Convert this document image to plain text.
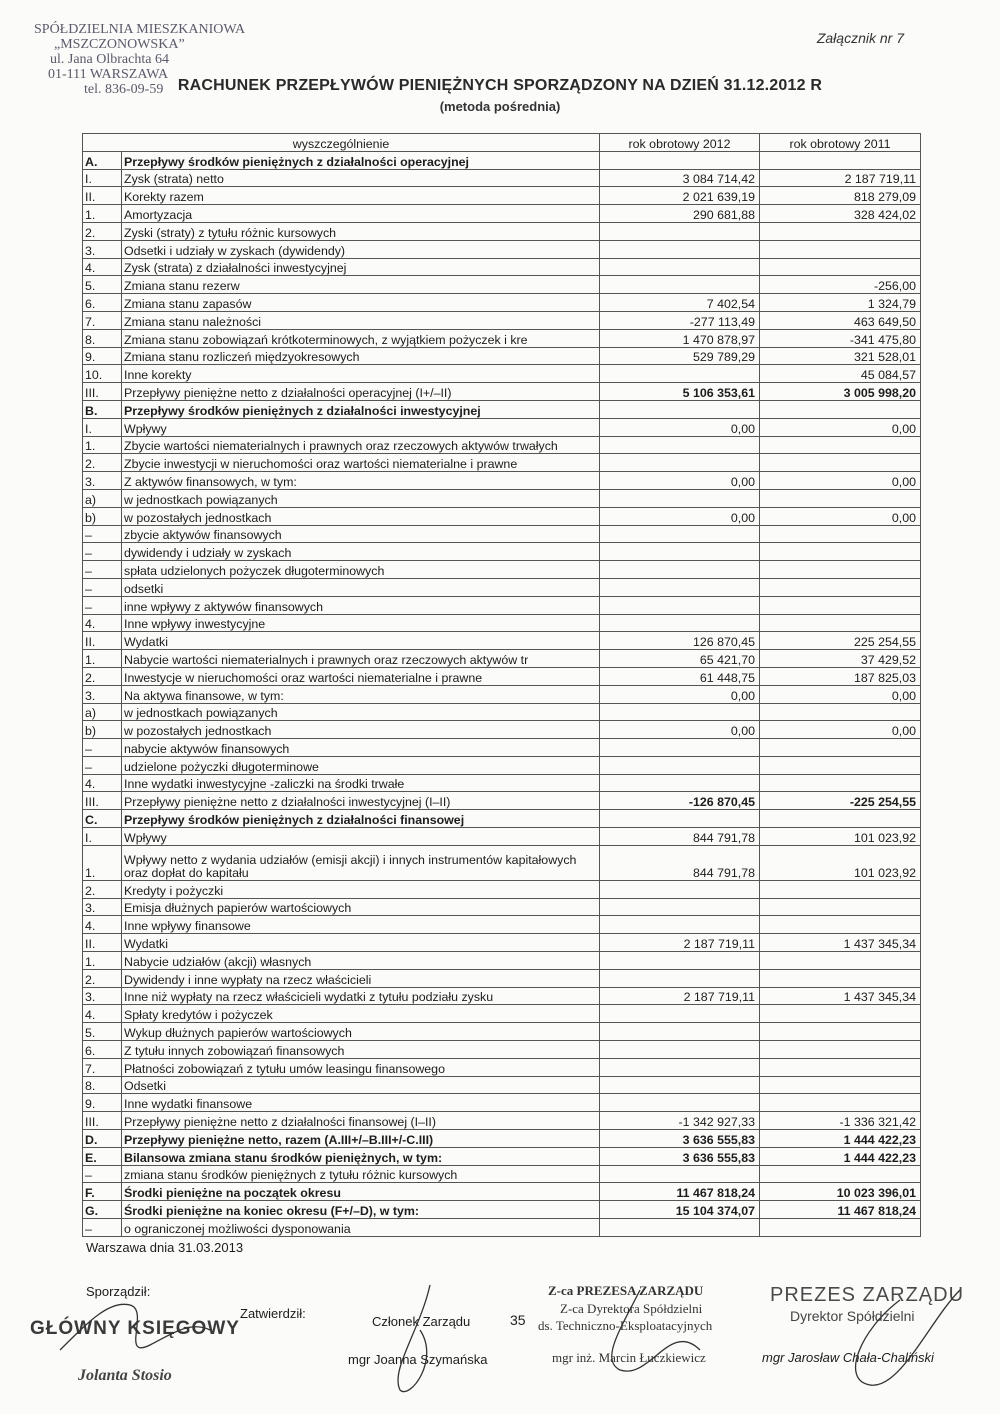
SPÓŁDZIELNIA MIESZKANIOWA
„MSZCZONOWSKA”
ul. Jana Olbrachta 64
01-111 WARSZAWA
tel. 836-09-59
Załącznik nr 7
RACHUNEK PRZEPŁYWÓW PIENIĘŻNYCH SPORZĄDZONY NA DZIEŃ 31.12.2012 R
(metoda pośrednia)
wyszczególnienie		rok obrotowy 2012	rok obrotowy 2011
A.	Przepływy środków pieniężnych z działalności operacyjnej		
I.	Zysk (strata) netto	3 084 714,42	2 187 719,11
II.	Korekty razem	2 021 639,19	818 279,09
1.	Amortyzacja	290 681,88	328 424,02
2.	Zyski (straty) z tytułu różnic kursowych		
3.	Odsetki i udziały w zyskach (dywidendy)		
4.	Zysk (strata) z działalności inwestycyjnej		
5.	Zmiana stanu rezerw		-256,00
6.	Zmiana stanu zapasów	7 402,54	1 324,79
7.	Zmiana stanu należności	-277 113,49	463 649,50
8.	Zmiana stanu zobowiązań krótkoterminowych, z wyjątkiem pożyczek i kre	1 470 878,97	-341 475,80
9.	Zmiana stanu rozliczeń międzyokresowych	529 789,29	321 528,01
10.	Inne korekty		45 084,57
III.	Przepływy pieniężne netto z działalności operacyjnej (I+/–II)	5 106 353,61	3 005 998,20
B.	Przepływy środków pieniężnych z działalności inwestycyjnej		
I.	Wpływy	0,00	0,00
1.	Zbycie wartości niematerialnych i prawnych oraz rzeczowych aktywów trwałych		
2.	Zbycie inwestycji w nieruchomości oraz wartości niematerialne i prawne		
3.	Z aktywów finansowych, w tym:	0,00	0,00
a)	w jednostkach powiązanych		
b)	w pozostałych jednostkach	0,00	0,00
–	zbycie aktywów finansowych		
–	dywidendy i udziały w zyskach		
–	spłata udzielonych pożyczek długoterminowych		
–	odsetki		
–	inne wpływy z aktywów finansowych		
4.	Inne wpływy inwestycyjne		
II.	Wydatki	126 870,45	225 254,55
1.	Nabycie wartości niematerialnych i prawnych oraz rzeczowych aktywów tr	65 421,70	37 429,52
2.	Inwestycje w nieruchomości oraz wartości niematerialne i prawne	61 448,75	187 825,03
3.	Na aktywa finansowe, w tym:	0,00	0,00
a)	w jednostkach powiązanych		
b)	w pozostałych jednostkach	0,00	0,00
–	nabycie aktywów finansowych		
–	udzielone pożyczki długoterminowe		
4.	Inne wydatki inwestycyjne -zaliczki na środki trwałe		
III.	Przepływy pieniężne netto z działalności inwestycyjnej (I–II)	-126 870,45	-225 254,55
C.	Przepływy środków pieniężnych z działalności finansowej		
I.	Wpływy	844 791,78	101 023,92
1.	Wpływy netto z wydania udziałów (emisji akcji) i innych instrumentów kapitałowych oraz dopłat do kapitału	844 791,78	101 023,92
2.	Kredyty i pożyczki		
3.	Emisja dłużnych papierów wartościowych		
4.	Inne wpływy finansowe		
II.	Wydatki	2 187 719,11	1 437 345,34
1.	Nabycie udziałów (akcji) własnych		
2.	Dywidendy i inne wypłaty na rzecz właścicieli		
3.	Inne niż wypłaty na rzecz właścicieli wydatki z tytułu podziału zysku	2 187 719,11	1 437 345,34
4.	Spłaty kredytów i pożyczek		
5.	Wykup dłużnych papierów wartościowych		
6.	Z tytułu innych zobowiązań finansowych		
7.	Płatności zobowiązań z tytułu umów leasingu finansowego		
8.	Odsetki		
9.	Inne wydatki finansowe		
III.	Przepływy pieniężne netto z działalności finansowej (I–II)	-1 342 927,33	-1 336 321,42
D.	Przepływy pieniężne netto, razem (A.III+/–B.III+/-C.III)	3 636 555,83	1 444 422,23
E.	Bilansowa zmiana stanu środków pieniężnych, w tym:	3 636 555,83	1 444 422,23
–	zmiana stanu środków pieniężnych z tytułu różnic kursowych		
F.	Środki pieniężne na początek okresu	11 467 818,24	10 023 396,01
G.	Środki pieniężne na koniec okresu (F+/–D), w tym:	15 104 374,07	11 467 818,24
–	o ograniczonej możliwości dysponowania		
Warszawa dnia 31.03.2013
Sporządził:
GŁÓWNY KSIĘGOWY
Jolanta Stosio
Zatwierdził:
Członek Zarządu
mgr Joanna Szymańska
35
Z-ca PREZESA ZARZĄDU
Z-ca Dyrektora Spółdzielni
ds. Techniczno-Eksploatacyjnych
mgr inż. Marcin Łuczkiewicz
PREZES ZARZĄDU
Dyrektor Spółdzielni
mgr Jarosław Chała-Chaliński
